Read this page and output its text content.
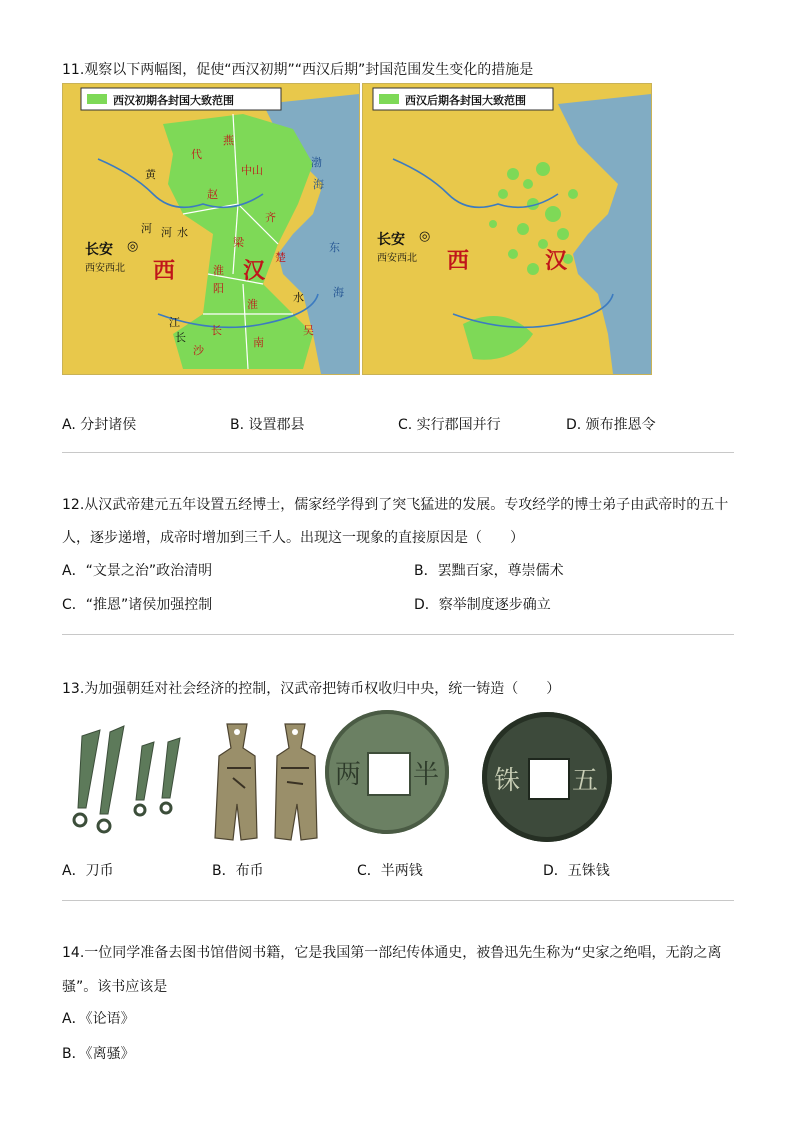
11.观察以下两幅图，促使“西汉初期”“西汉后期”封国范围发生变化的措施是
西汉初期各封国大致范围
长安 ◎
西安西北 西	汉
燕
代
中山
赵
黄
河
齐
梁
楚
淮
阳
淮
南
吴
长
沙
江
长
水
河 水
渤
海
东
海
西汉后期各封国大致范围
长安 ◎
西安西北 西	汉
A. 分封诸侯	B. 设置郡县	C. 实行郡国并行	D. 颁布推恩令
12.从汉武帝建元五年设置五经博士，儒家经学得到了突飞猛进的发展。专攻经学的博士弟子由武帝时的五十
人，逐步递增，成帝时增加到三千人。出现这一现象的直接原因是（　　）
A．“文景之治”政治清明	B．罢黜百家，尊崇儒术
C．“推恩”诸侯加强控制	D．察举制度逐步确立
13.为加强朝廷对社会经济的控制，汉武帝把铸币权收归中央，统一铸造（　　）
半
两	五
铢
A．刀币	B．布币	C．半两钱	D．五铢钱
14.一位同学准备去图书馆借阅书籍，它是我国第一部纪传体通史，被鲁迅先生称为“史家之绝唱，无韵之离
骚”。该书应该是
A．《论语》
B．《离骚》
